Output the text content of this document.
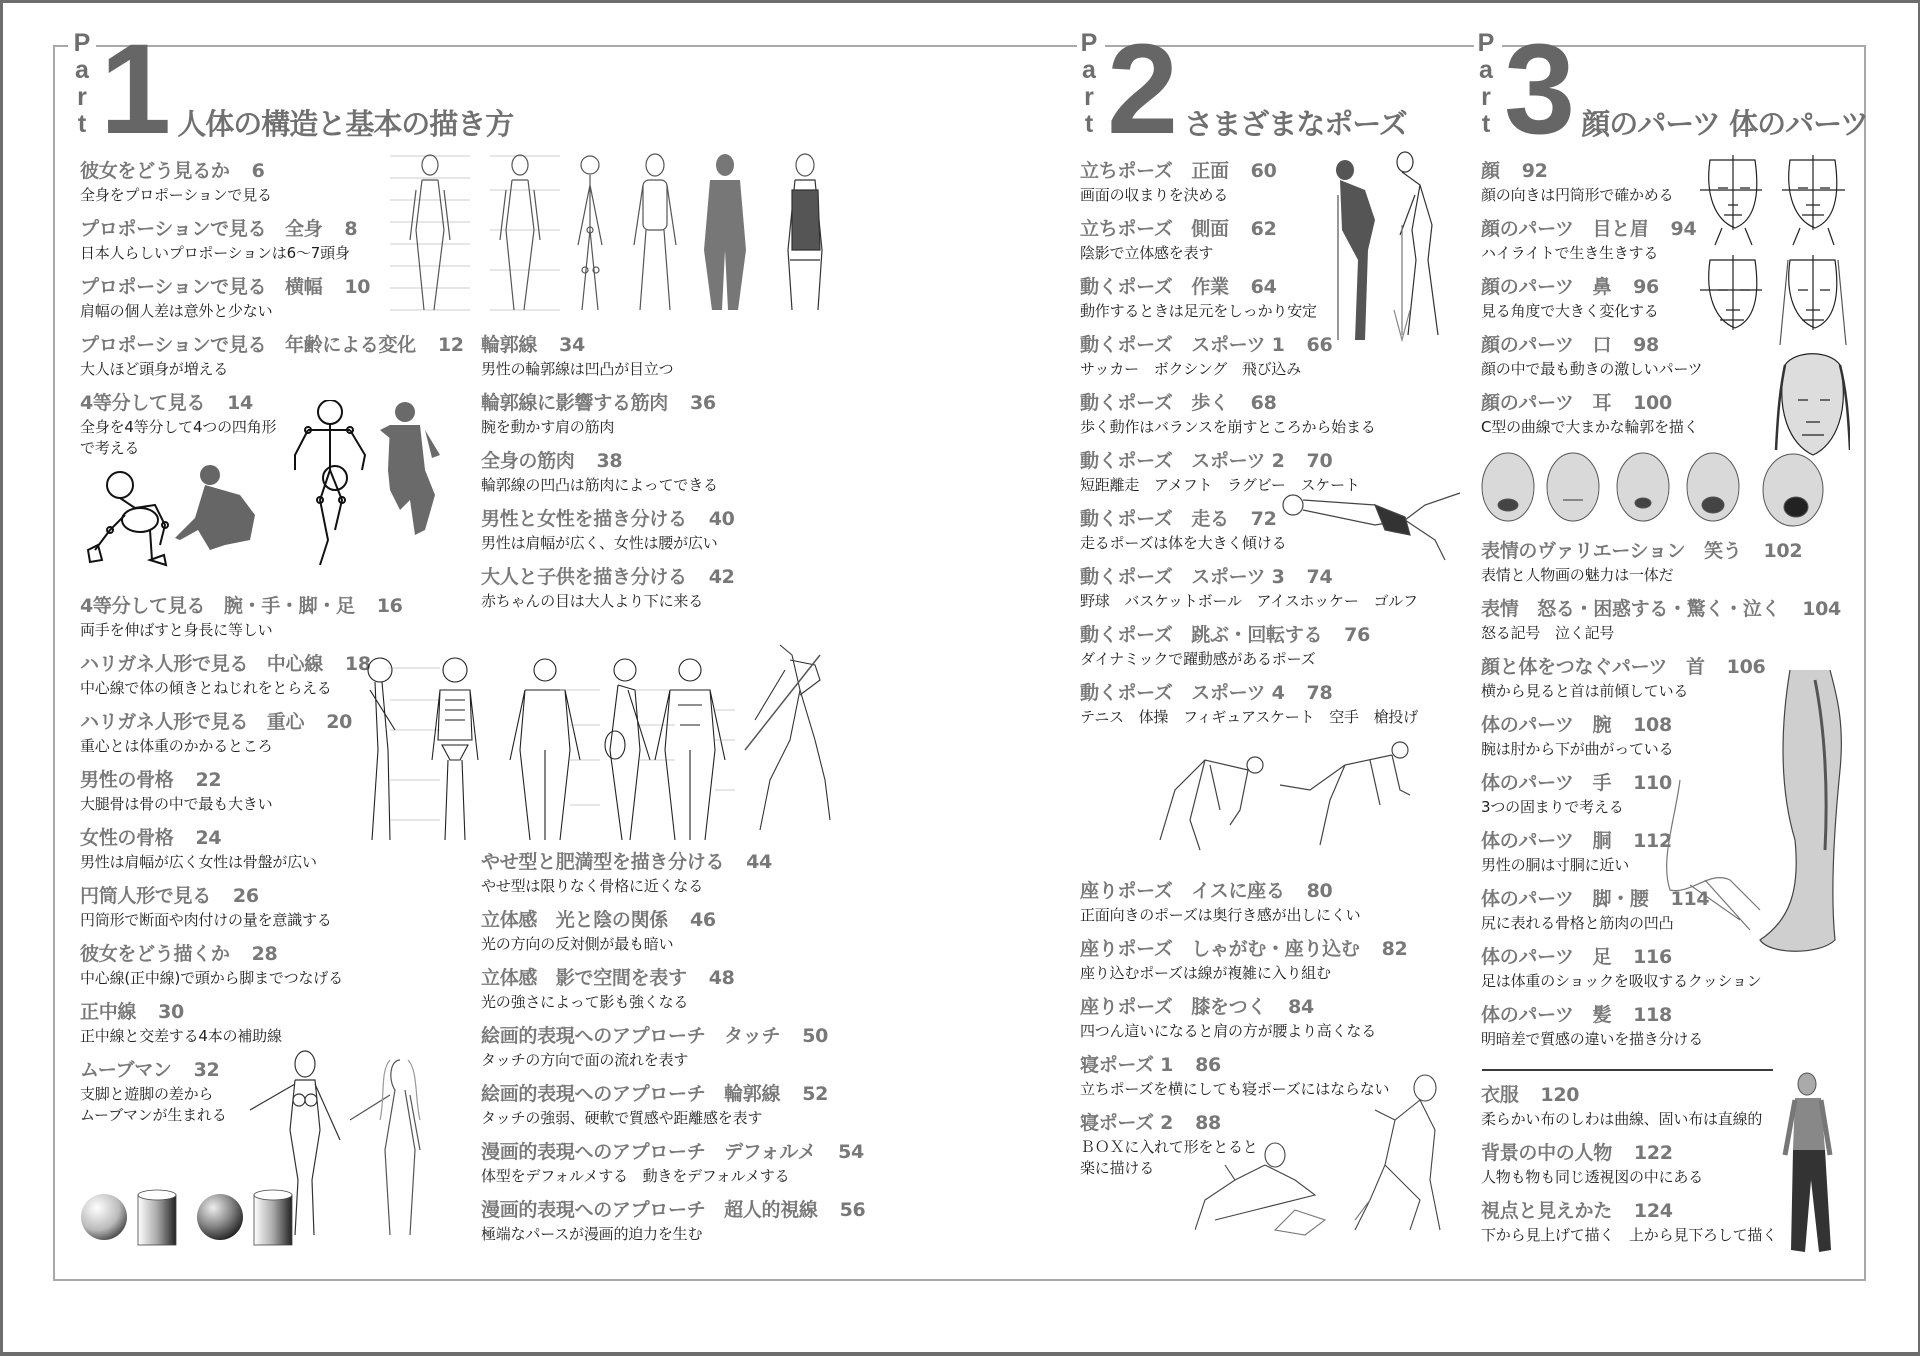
P
a
r
t 1 人体の構造と基本の描き方
P
a
r
t 2 さまざまなポーズ
P
a
r
t 3 顔のパーツ 体のパーツ
彼女をどう見るか 6
全身をプロポーションで見る
プロポーションで見る　全身 8
日本人らしいプロポーションは6～7頭身
プロポーションで見る　横幅 10
肩幅の個人差は意外と少ない
プロポーションで見る　年齢による変化 12
大人ほど頭身が増える
4等分して見る 14
全身を4等分して4つの四角形
で考える
4等分して見る　腕・手・脚・足 16
両手を伸ばすと身長に等しい
ハリガネ人形で見る　中心線 18
中心線で体の傾きとねじれをとらえる
ハリガネ人形で見る　重心 20
重心とは体重のかかるところ
男性の骨格 22
大腿骨は骨の中で最も大きい
女性の骨格 24
男性は肩幅が広く女性は骨盤が広い
円筒人形で見る 26
円筒形で断面や肉付けの量を意識する
彼女をどう描くか 28
中心線(正中線)で頭から脚までつなげる
正中線 30
正中線と交差する4本の補助線
ムーブマン 32
支脚と遊脚の差から
ムーブマンが生まれる
輪郭線 34
男性の輪郭線は凹凸が目立つ
輪郭線に影響する筋肉 36
腕を動かす肩の筋肉
全身の筋肉 38
輪郭線の凹凸は筋肉によってできる
男性と女性を描き分ける 40
男性は肩幅が広く、女性は腰が広い
大人と子供を描き分ける 42
赤ちゃんの目は大人より下に来る
やせ型と肥満型を描き分ける 44
やせ型は限りなく骨格に近くなる
立体感　光と陰の関係 46
光の方向の反対側が最も暗い
立体感　影で空間を表す 48
光の強さによって影も強くなる
絵画的表現へのアプローチ　タッチ 50
タッチの方向で面の流れを表す
絵画的表現へのアプローチ　輪郭線 52
タッチの強弱、硬軟で質感や距離感を表す
漫画的表現へのアプローチ　デフォルメ 54
体型をデフォルメする　動きをデフォルメする
漫画的表現へのアプローチ　超人的視線 56
極端なパースが漫画的迫力を生む
立ちポーズ　正面 60
画面の収まりを決める
立ちポーズ　側面 62
陰影で立体感を表す
動くポーズ　作業 64
動作するときは足元をしっかり安定
動くポーズ　スポーツ 1 66
サッカー　ボクシング　飛び込み
動くポーズ　歩く 68
歩く動作はバランスを崩すところから始まる
動くポーズ　スポーツ 2 70
短距離走　アメフト　ラグビー　スケート
動くポーズ　走る 72
走るポーズは体を大きく傾ける
動くポーズ　スポーツ 3 74
野球　バスケットボール　アイスホッケー　ゴルフ
動くポーズ　跳ぶ・回転する 76
ダイナミックで躍動感があるポーズ
動くポーズ　スポーツ 4 78
テニス　体操　フィギュアスケート　空手　槍投げ
座りポーズ　イスに座る 80
正面向きのポーズは奥行き感が出しにくい
座りポーズ　しゃがむ・座り込む 82
座り込むポーズは線が複雑に入り組む
座りポーズ　膝をつく 84
四つん這いになると肩の方が腰より高くなる
寝ポーズ 1 86
立ちポーズを横にしても寝ポーズにはならない
寝ポーズ 2 88
ＢＯＸに入れて形をとると
楽に描ける
顔 92
顔の向きは円筒形で確かめる
顔のパーツ　目と眉 94
ハイライトで生き生きする
顔のパーツ　鼻 96
見る角度で大きく変化する
顔のパーツ　口 98
顔の中で最も動きの激しいパーツ
顔のパーツ　耳 100
C型の曲線で大まかな輪郭を描く
表情のヴァリエーション　笑う 102
表情と人物画の魅力は一体だ
表情　怒る・困惑する・驚く・泣く 104
怒る記号　泣く記号
顔と体をつなぐパーツ　首 106
横から見ると首は前傾している
体のパーツ　腕 108
腕は肘から下が曲がっている
体のパーツ　手 110
3つの固まりで考える
体のパーツ　胴 112
男性の胴は寸胴に近い
体のパーツ　脚・腰 114
尻に表れる骨格と筋肉の凹凸
体のパーツ　足 116
足は体重のショックを吸収するクッション
体のパーツ　髪 118
明暗差で質感の違いを描き分ける
衣服 120
柔らかい布のしわは曲線、固い布は直線的
背景の中の人物 122
人物も物も同じ透視図の中にある
視点と見えかた 124
下から見上げて描く　上から見下ろして描く
